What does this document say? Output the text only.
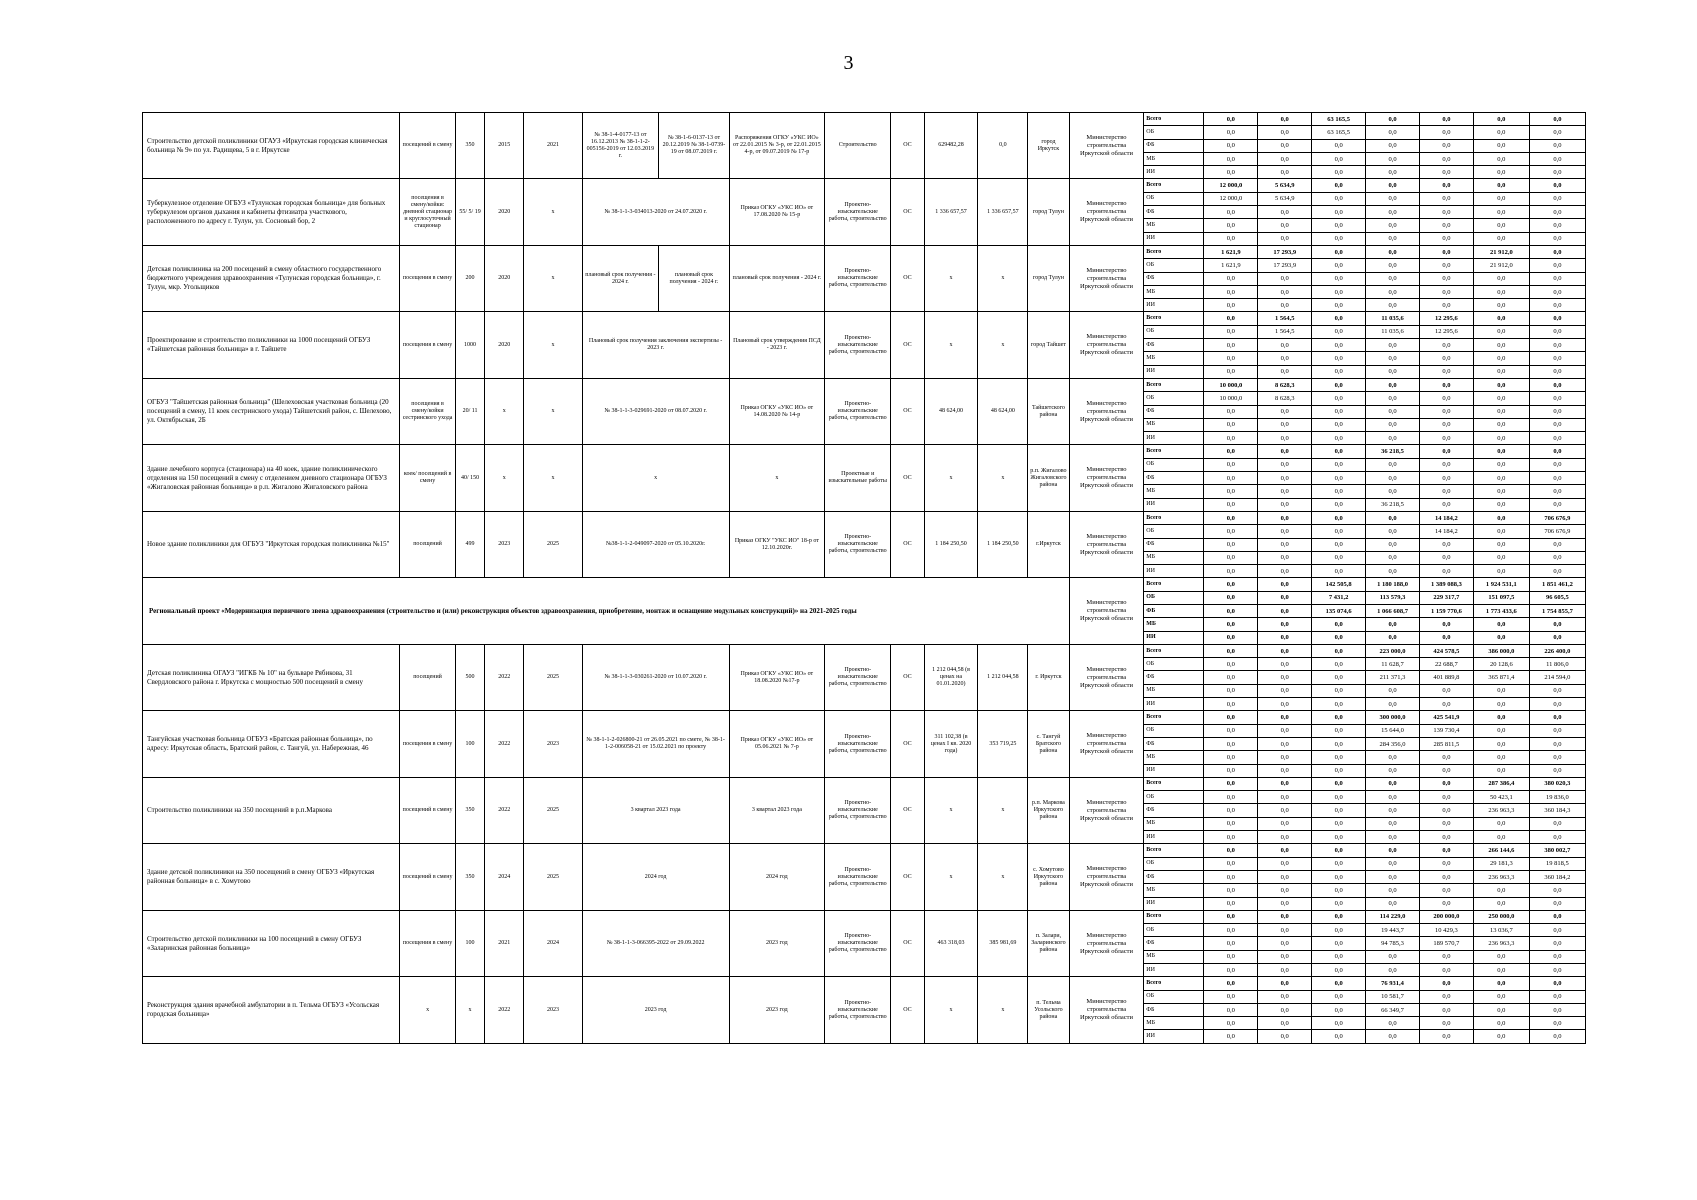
3
Строительство детской поликлиники ОГАУЗ «Иркутская городская клиническая больница № 9» по ул. Радищева, 5 в г. Иркутске	посещений в смену	350	2015	2021	№ 38-1-4-0177-13 от 16.12.2013 № 38-1-1-2-005156-2019 от 12.03.2019 г.	№ 38-1-6-0137-13 от 20.12.2019 № 38-1-0739-19 от 08.07.2019 г.	Распоряжения ОГКУ «УКС ИО» от 22.01.2015 № 3-р, от 22.01.2015 4-р, от 09.07.2019 № 17-р	Строительство	ОС	629482,28	0,0	город Иркутск	Министерство строительства Иркутской области	Всего	0,0	0,0	63 165,5	0,0	0,0	0,0	0,0
														ОБ	0,0	0,0	63 165,5	0,0	0,0	0,0	0,0
														ФБ	0,0	0,0	0,0	0,0	0,0	0,0	0,0
														МБ	0,0	0,0	0,0	0,0	0,0	0,0	0,0
														ИИ	0,0	0,0	0,0	0,0	0,0	0,0	0,0
Туберкулезное отделение ОГБУЗ «Тулунская городская больница» для больных туберкулезом органов дыхания и кабинеты фтизиатра участкового, расположенного по адресу г. Тулун, ул. Сосновый бор, 2	посещения в смену/койки: дневной стационар и круглосуточный стационар	55/ 5/ 19	2020	x	№ 38-1-1-3-034013-2020 от 24.07.2020 г.		Приказ ОГКУ «УКС ИО» от 17.08.2020 № 15-р	Проектно-изыскательские работы, строительство	ОС	1 336 657,57	1 336 657,57	город Тулун	Министерство строительства Иркутской области	Всего	12 000,0	5 634,9	0,0	0,0	0,0	0,0	0,0
														ОБ	12 000,0	5 634,9	0,0	0,0	0,0	0,0	0,0
														ФБ	0,0	0,0	0,0	0,0	0,0	0,0	0,0
														МБ	0,0	0,0	0,0	0,0	0,0	0,0	0,0
														ИИ	0,0	0,0	0,0	0,0	0,0	0,0	0,0
Детская поликлиника на 200 посещений в смену областного государственного бюджетного учреждения здравоохранения «Тулунская городская больница», г. Тулун, мкр. Угольщиков	посещения в смену	200	2020	x	плановый срок получения - 2024 г.	плановый срок получения - 2024 г.	плановый срок получения - 2024 г.	Проектно-изыскательские работы, строительство	ОС	x	x	город Тулун	Министерство строительства Иркутской области	Всего	1 621,9	17 293,9	0,0	0,0	0,0	21 912,0	0,0
														ОБ	1 621,9	17 293,9	0,0	0,0	0,0	21 912,0	0,0
														ФБ	0,0	0,0	0,0	0,0	0,0	0,0	0,0
														МБ	0,0	0,0	0,0	0,0	0,0	0,0	0,0
														ИИ	0,0	0,0	0,0	0,0	0,0	0,0	0,0
Проектирование и строительство поликлиники на 1000 посещений ОГБУЗ «Тайшетская районная больница» в г. Тайшете	посещения в смену	1000	2020	x	Плановый срок получения заключения экспертизы - 2023 г.		Плановый срок утверждения ПСД - 2023 г.	Проектно-изыскательские работы, строительство	ОС	x	x	город Тайшет	Министерство строительства Иркутской области	Всего	0,0	1 564,5	0,0	11 035,6	12 295,6	0,0	0,0
														ОБ	0,0	1 564,5	0,0	11 035,6	12 295,6	0,0	0,0
														ФБ	0,0	0,0	0,0	0,0	0,0	0,0	0,0
														МБ	0,0	0,0	0,0	0,0	0,0	0,0	0,0
														ИИ	0,0	0,0	0,0	0,0	0,0	0,0	0,0
ОГБУЗ "Тайшетская районная больница" (Шелеховская участковая больница (20 посещений в смену, 11 коек сестринского ухода) Тайшетский район, с. Шелехово, ул. Октябрьская, 2Б	посещения в смену/койки сестринского ухода	20/ 11	x	x	№ 38-1-1-3-029691-2020 от 08.07.2020 г.		Приказ ОГКУ «УКС ИО» от 14.08.2020 № 14-р	Проектно-изыскательские работы, строительство	ОС	48 624,00	48 624,00	Тайшетского района	Министерство строительства Иркутской области	Всего	10 000,0	8 628,3	0,0	0,0	0,0	0,0	0,0
														ОБ	10 000,0	8 628,3	0,0	0,0	0,0	0,0	0,0
														ФБ	0,0	0,0	0,0	0,0	0,0	0,0	0,0
														МБ	0,0	0,0	0,0	0,0	0,0	0,0	0,0
														ИИ	0,0	0,0	0,0	0,0	0,0	0,0	0,0
Здание лечебного корпуса (стационара) на 40 коек, здание поликлинического отделения на 150 посещений в смену с отделением дневного стационара ОГБУЗ «Жигаловская районная больница» в р.п. Жигалово Жигаловского района	коек/ посещений в смену	40/ 150	x	x	x		x	Проектные и изыскательные работы	ОС	x	x	р.п. Жигалово Жигаловского района	Министерство строительства Иркутской области	Всего	0,0	0,0	0,0	36 218,5	0,0	0,0	0,0
														ОБ	0,0	0,0	0,0	0,0	0,0	0,0	0,0
														ФБ	0,0	0,0	0,0	0,0	0,0	0,0	0,0
														МБ	0,0	0,0	0,0	0,0	0,0	0,0	0,0
														ИИ	0,0	0,0	0,0	36 218,5	0,0	0,0	0,0
Новое здание поликлиники для ОГБУЗ "Иркутская городская поликлиника №15"	посещений	499	2023	2025	№38-1-1-2-049097-2020 от 05.10.2020г.		Приказ ОГКУ "УКС ИО" 18-р от 12.10.2020г.	Проектно-изыскательские работы, строительство	ОС	1 184 250,50	1 184 250,50	г.Иркутск	Министерство строительства Иркутской области	Всего	0,0	0,0	0,0	0,0	14 184,2	0,0	706 676,9
														ОБ	0,0	0,0	0,0	0,0	14 184,2	0,0	706 676,9
														ФБ	0,0	0,0	0,0	0,0	0,0	0,0	0,0
														МБ	0,0	0,0	0,0	0,0	0,0	0,0	0,0
														ИИ	0,0	0,0	0,0	0,0	0,0	0,0	0,0
Региональный проект «Модернизация первичного звена здравоохранения (строительство и (или) реконструкция объектов здравоохранения, приобретение, монтаж и оснащение модульных конструкций)» на 2021-2025 годы													Министерство строительства Иркутской области	Всего	0,0	0,0	142 505,8	1 180 188,0	1 389 088,3	1 924 531,1	1 851 461,2
														ОБ	0,0	0,0	7 431,2	113 579,3	229 317,7	151 097,5	96 605,5
														ФБ	0,0	0,0	135 074,6	1 066 608,7	1 159 770,6	1 773 433,6	1 754 855,7
														МБ	0,0	0,0	0,0	0,0	0,0	0,0	0,0
														ИИ	0,0	0,0	0,0	0,0	0,0	0,0	0,0
Детская поликлиника ОГАУЗ "ИГКБ № 10" на бульваре Рябикова, 31 Свердловского района г. Иркутска с мощностью 500 посещений в смену	посещений	500	2022	2025	№ 38-1-1-3-030261-2020 от 10.07.2020 г.		Приказ ОГКУ «УКС ИО» от 18.08.2020 №17-р	Проектно-изыскательские работы, строительство	ОС	1 212 044,58 (в ценах на 01.01.2020)	1 212 044,58	г. Иркутск	Министерство строительства Иркутской области	Всего	0,0	0,0	0,0	223 000,0	424 578,5	386 000,0	226 400,0
														ОБ	0,0	0,0	0,0	11 628,7	22 688,7	20 128,6	11 806,0
														ФБ	0,0	0,0	0,0	211 371,3	401 889,8	365 871,4	214 594,0
														МБ	0,0	0,0	0,0	0,0	0,0	0,0	0,0
														ИИ	0,0	0,0	0,0	0,0	0,0	0,0	0,0
Тангуйская участковая больница ОГБУЗ «Братская районная больница», по адресу: Иркутская область, Братский район, с. Тангуй, ул. Набережная, 46	посещения в смену	100	2022	2023	№ 38-1-1-2-026800-21 от 26.05.2021 по смете, № 38-1-1-2-006058-21 от 15.02.2021 по проекту		Приказ ОГКУ «УКС ИО» от 05.06.2021 № 7-р	Проектно-изыскательские работы, строительство	ОС	311 102,38 (в ценах I кв. 2020 года)	353 719,25	с. Тангуй Братского района	Министерство строительства Иркутской области	Всего	0,0	0,0	0,0	300 000,0	425 541,9	0,0	0,0
														ОБ	0,0	0,0	0,0	15 644,0	139 730,4	0,0	0,0
														ФБ	0,0	0,0	0,0	284 356,0	285 811,5	0,0	0,0
														МБ	0,0	0,0	0,0	0,0	0,0	0,0	0,0
														ИИ	0,0	0,0	0,0	0,0	0,0	0,0	0,0
Строительство поликлиники на 350 посещений в р.п.Маркова	посещений в смену	350	2022	2025	3 квартал 2023 года		3 квартал 2023 года	Проектно-изыскательские работы, строительство	ОС	x	x	р.п. Маркова Иркутского района	Министерство строительства Иркутской области	Всего	0,0	0,0	0,0	0,0	0,0	287 386,4	380 020,3
														ОБ	0,0	0,0	0,0	0,0	0,0	50 423,1	19 836,0
														ФБ	0,0	0,0	0,0	0,0	0,0	236 963,3	360 184,3
														МБ	0,0	0,0	0,0	0,0	0,0	0,0	0,0
														ИИ	0,0	0,0	0,0	0,0	0,0	0,0	0,0
Здание детской поликлиники на 350 посещений в смену ОГБУЗ «Иркутская районная больница» в с. Хомутово	посещений в смену	350	2024	2025	2024 год		2024 год	Проектно-изыскательские работы, строительство	ОС	x	x	с. Хомутово Иркутского района	Министерство строительства Иркутской области	Всего	0,0	0,0	0,0	0,0	0,0	266 144,6	380 002,7
														ОБ	0,0	0,0	0,0	0,0	0,0	29 181,3	19 818,5
														ФБ	0,0	0,0	0,0	0,0	0,0	236 963,3	360 184,2
														МБ	0,0	0,0	0,0	0,0	0,0	0,0	0,0
														ИИ	0,0	0,0	0,0	0,0	0,0	0,0	0,0
Строительство детской поликлиники на 100 посещений в смену ОГБУЗ «Заларинская районная больница»	посещения в смену	100	2021	2024	№ 38-1-1-3-066395-2022 от 29.09.2022		2023 год	Проектно-изыскательские работы, строительство	ОС	463 318,03	385 981,69	п. Залари, Заларинского района	Министерство строительства Иркутской области	Всего	0,0	0,0	0,0	114 229,0	200 000,0	250 000,0	0,0
														ОБ	0,0	0,0	0,0	19 443,7	10 429,3	13 036,7	0,0
														ФБ	0,0	0,0	0,0	94 785,3	189 570,7	236 963,3	0,0
														МБ	0,0	0,0	0,0	0,0	0,0	0,0	0,0
														ИИ	0,0	0,0	0,0	0,0	0,0	0,0	0,0
Реконструкция здания врачебной амбулатории в п. Тельма ОГБУЗ «Усольская городская больница»	x	x	2022	2023	2023 год		2023 год	Проектно-изыскательские работы, строительство	ОС	x	x	п. Тельма Усольского района	Министерство строительства Иркутской области	Всего	0,0	0,0	0,0	76 931,4	0,0	0,0	0,0
														ОБ	0,0	0,0	0,0	10 581,7	0,0	0,0	0,0
														ФБ	0,0	0,0	0,0	66 349,7	0,0	0,0	0,0
														МБ	0,0	0,0	0,0	0,0	0,0	0,0	0,0
														ИИ	0,0	0,0	0,0	0,0	0,0	0,0	0,0
